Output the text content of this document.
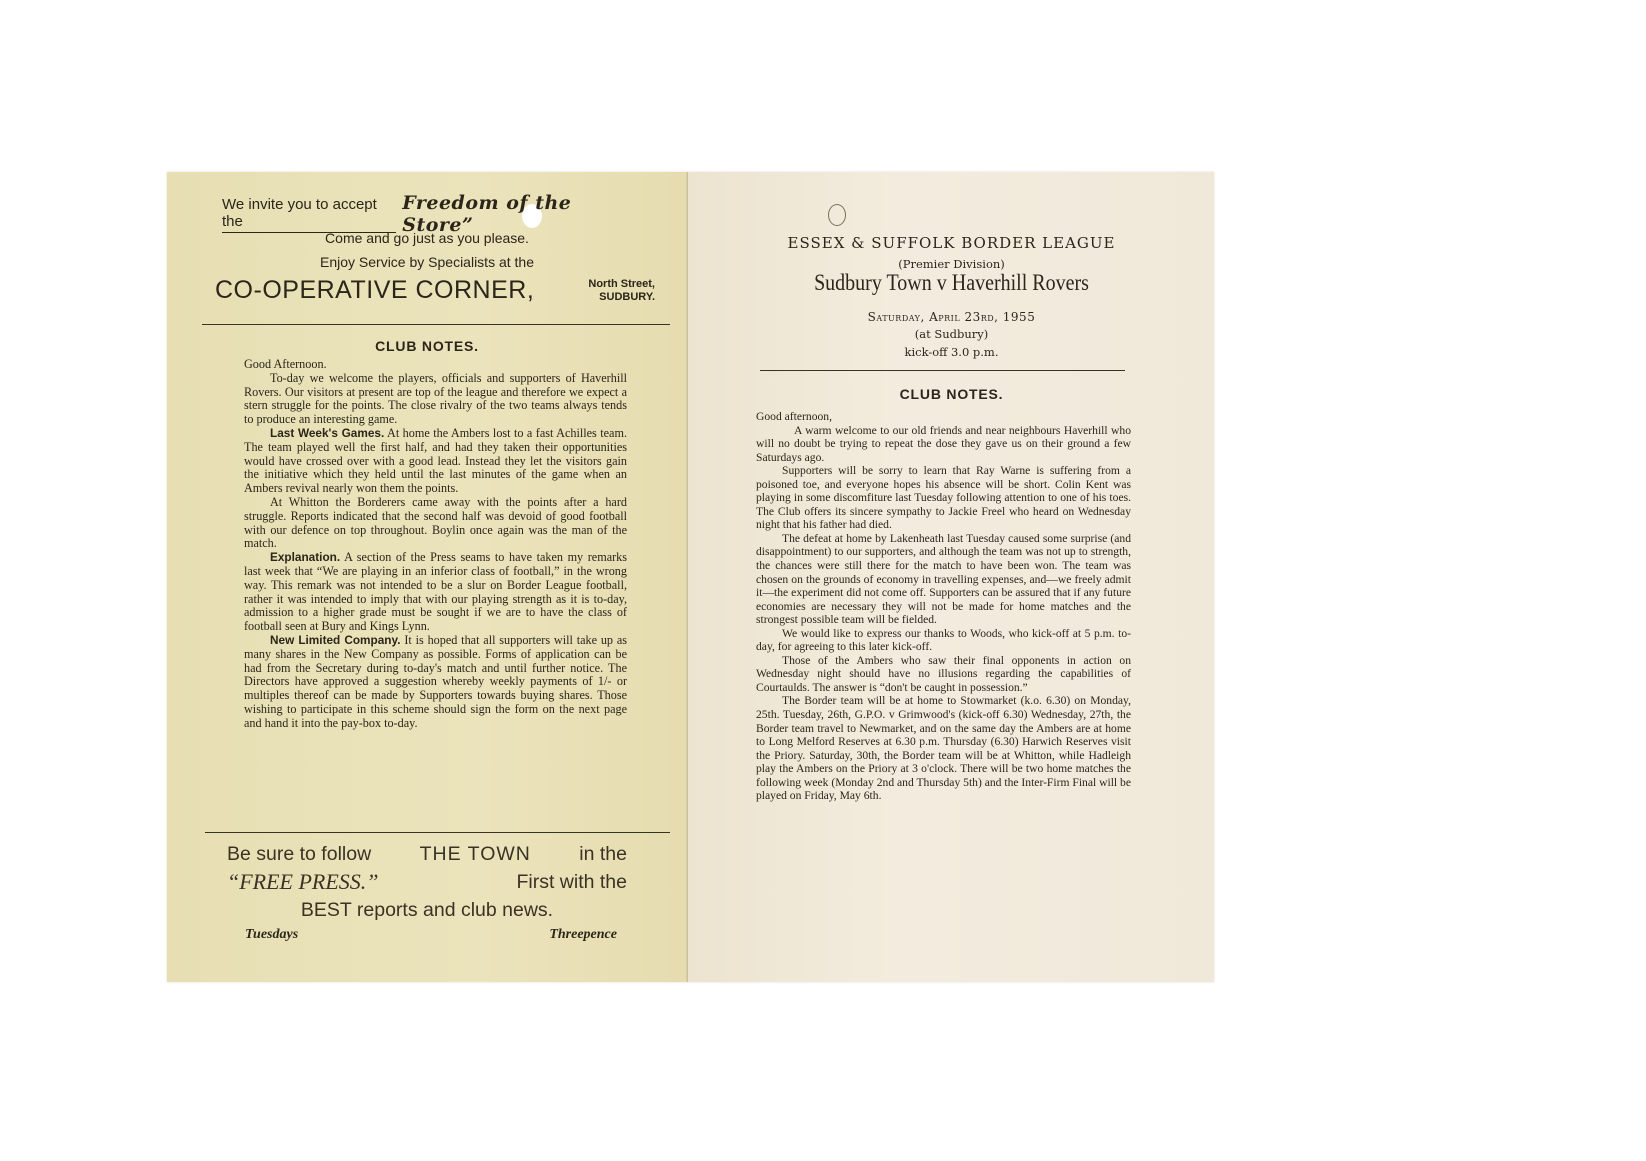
We invite you to accept the
Freedom of the Store”
Come and go just as you please.
Enjoy Service by Specialists at the
CO-OPERATIVE CORNER,	North Street,
SUDBURY.
CLUB NOTES.

Good Afternoon.

To-day we welcome the players, officials and supporters of Haverhill Rovers. Our visitors at present are top of the league and therefore we expect a stern struggle for the points. The close rivalry of the two teams always tends to produce an interesting game.

Last Week's Games. At home the Ambers lost to a fast Achilles team. The team played well the first half, and had they taken their opportunities would have crossed over with a good lead. Instead they let the visitors gain the initiative which they held until the last minutes of the game when an Ambers revival nearly won them the points.

At Whitton the Borderers came away with the points after a hard struggle. Reports indicated that the second half was devoid of good football with our defence on top throughout. Boylin once again was the man of the match.

Explanation. A section of the Press seams to have taken my remarks last week that “We are playing in an inferior class of football,” in the wrong way. This remark was not intended to be a slur on Border League football, rather it was intended to imply that with our playing strength as it is to-day, admission to a higher grade must be sought if we are to have the class of football seen at Bury and Kings Lynn.

New Limited Company. It is hoped that all supporters will take up as many shares in the New Company as possible. Forms of application can be had from the Secretary during to-day's match and until further notice. The Directors have approved a suggestion whereby weekly payments of 1/- or multiples thereof can be made by Supporters towards buying shares. Those wishing to participate in this scheme should sign the form on the next page and hand it into the pay-box to-day.

Be sure to follow THE TOWN in the
“FREE PRESS.”	First with the
BEST reports and club news.
Tuesdays	Threepence
ESSEX & SUFFOLK BORDER LEAGUE
(Premier Division)
Sudbury Town v Haverhill Rovers
Saturday, April 23rd, 1955
(at Sudbury)
kick-off 3.0 p.m.
CLUB NOTES.

Good afternoon,

A warm welcome to our old friends and near neighbours Haverhill who will no doubt be trying to repeat the dose they gave us on their ground a few Saturdays ago.

Supporters will be sorry to learn that Ray Warne is suffering from a poisoned toe, and everyone hopes his absence will be short. Colin Kent was playing in some discomfiture last Tuesday following attention to one of his toes. The Club offers its sincere sympathy to Jackie Freel who heard on Wednesday night that his father had died.

The defeat at home by Lakenheath last Tuesday caused some surprise (and disappointment) to our supporters, and although the team was not up to strength, the chances were still there for the match to have been won. The team was chosen on the grounds of economy in travelling expenses, and—we freely admit it—the experiment did not come off. Supporters can be assured that if any future economies are necessary they will not be made for home matches and the strongest possible team will be fielded.

We would like to express our thanks to Woods, who kick-off at 5 p.m. to-day, for agreeing to this later kick-off.

Those of the Ambers who saw their final opponents in action on Wednesday night should have no illusions regarding the capabilities of Courtaulds. The answer is “don't be caught in possession.”

The Border team will be at home to Stowmarket (k.o. 6.30) on Monday, 25th. Tuesday, 26th, G.P.O. v Grimwood's (kick-off 6.30) Wednesday, 27th, the Border team travel to Newmarket, and on the same day the Ambers are at home to Long Melford Reserves at 6.30 p.m. Thursday (6.30) Harwich Reserves visit the Priory. Saturday, 30th, the Border team will be at Whitton, while Hadleigh play the Ambers on the Priory at 3 o'clock. There will be two home matches the following week (Monday 2nd and Thursday 5th) and the Inter-Firm Final will be played on Friday, May 6th.
